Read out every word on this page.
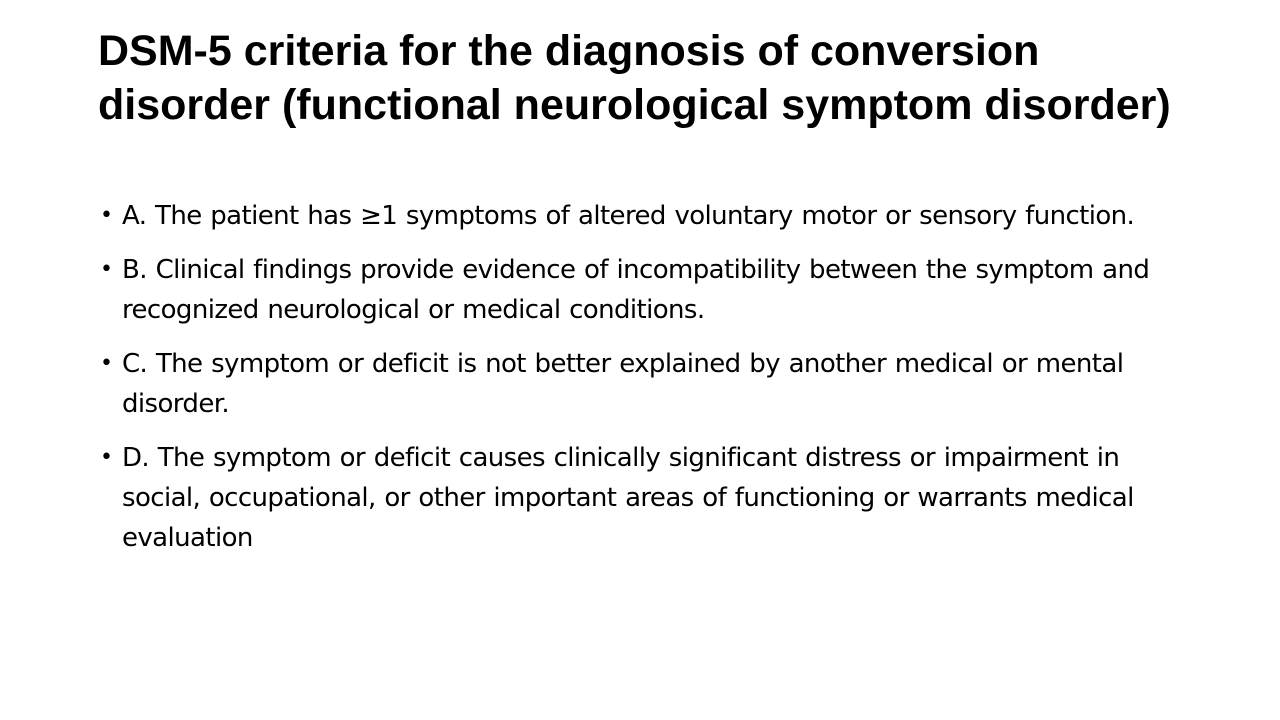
DSM-5 criteria for the diagnosis of conversion disorder (functional neurological symptom disorder)
• A. The patient has ≥1 symptoms of altered voluntary motor or sensory function.
• B. Clinical findings provide evidence of incompatibility between the symptom and recognized neurological or medical conditions.
• C. The symptom or deficit is not better explained by another medical or mental disorder.
• D. The symptom or deficit causes clinically significant distress or impairment in social, occupational, or other important areas of functioning or warrants medical evaluation
